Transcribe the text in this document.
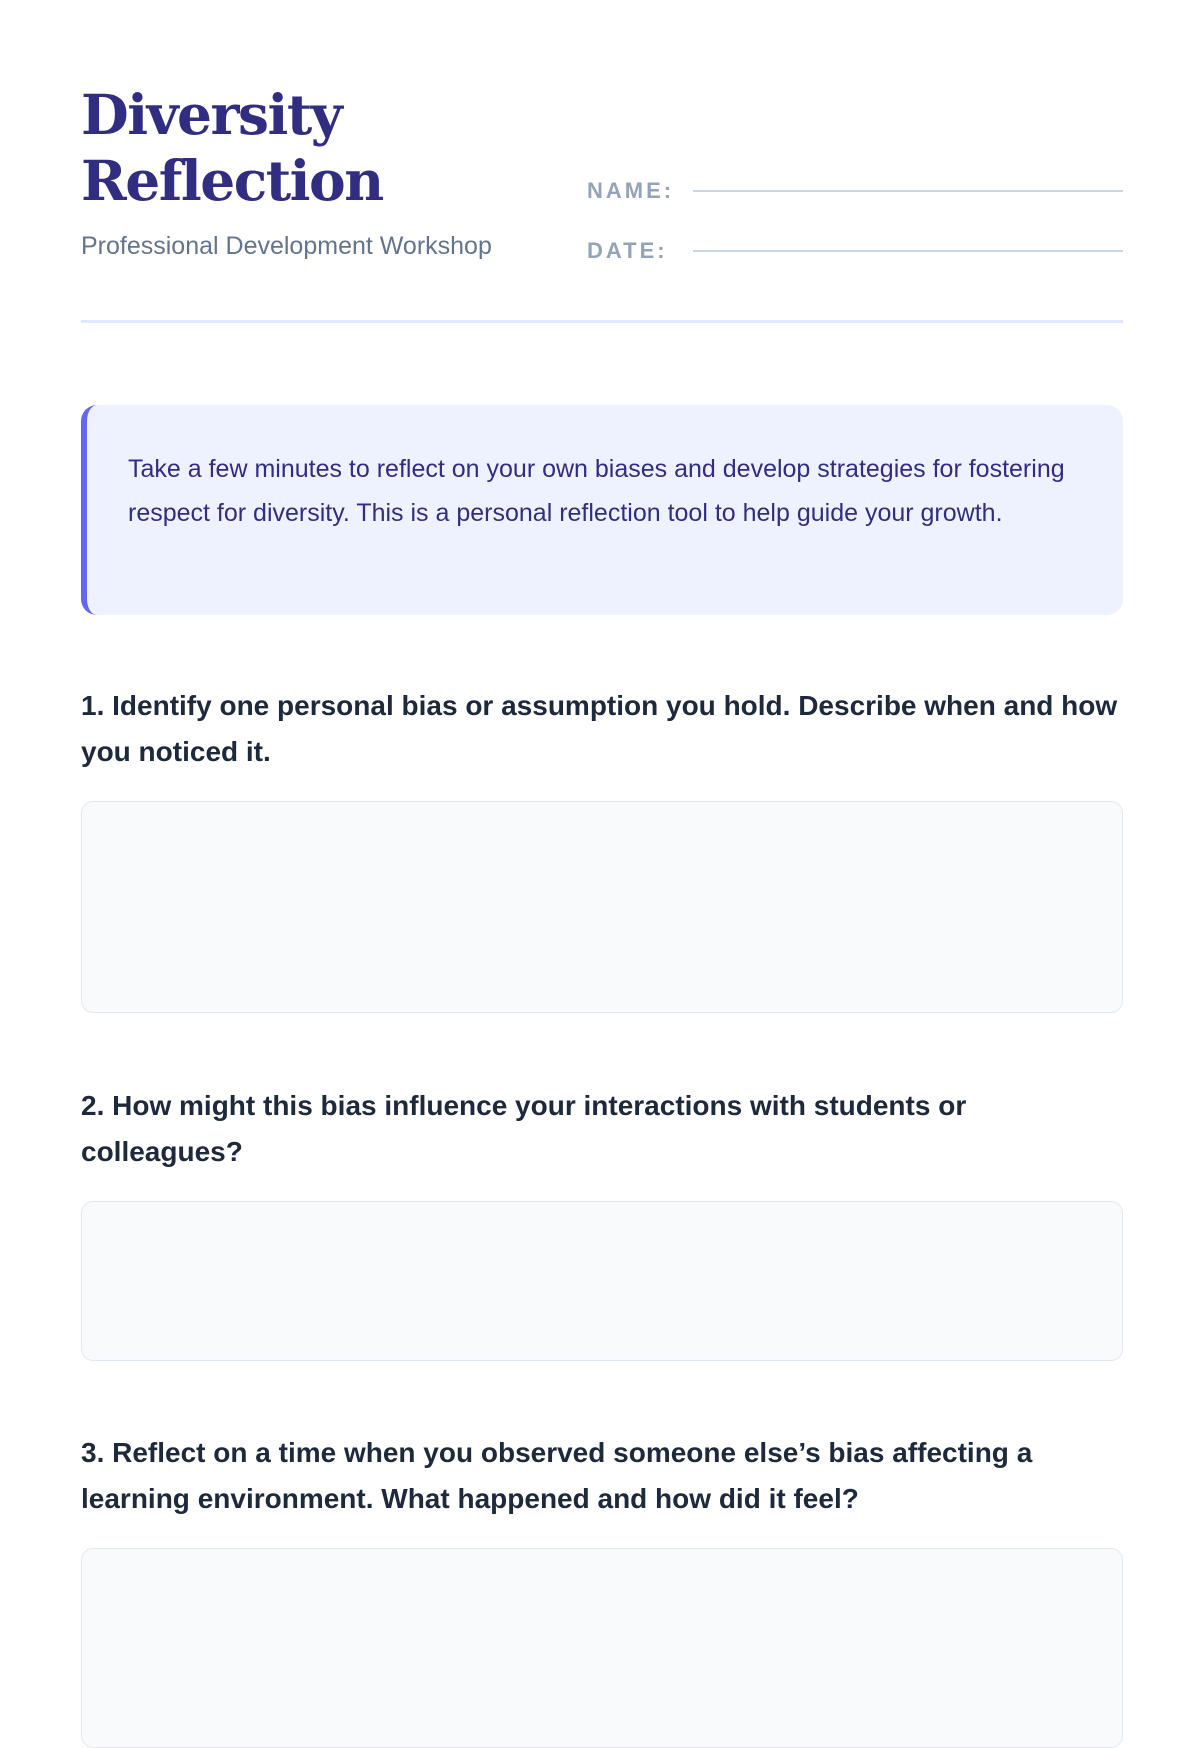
Diversity
Reflection
Professional Development Workshop
NAME:
DATE:

Take a few minutes to reflect on your own biases and develop strategies for fostering respect for diversity. This is a personal reflection tool to help guide your growth.

1. Identify one personal bias or assumption you hold. Describe when and how you noticed it.
2. How might this bias influence your interactions with students or colleagues?
3. Reflect on a time when you observed someone else’s bias affecting a learning environment. What happened and how did it feel?
